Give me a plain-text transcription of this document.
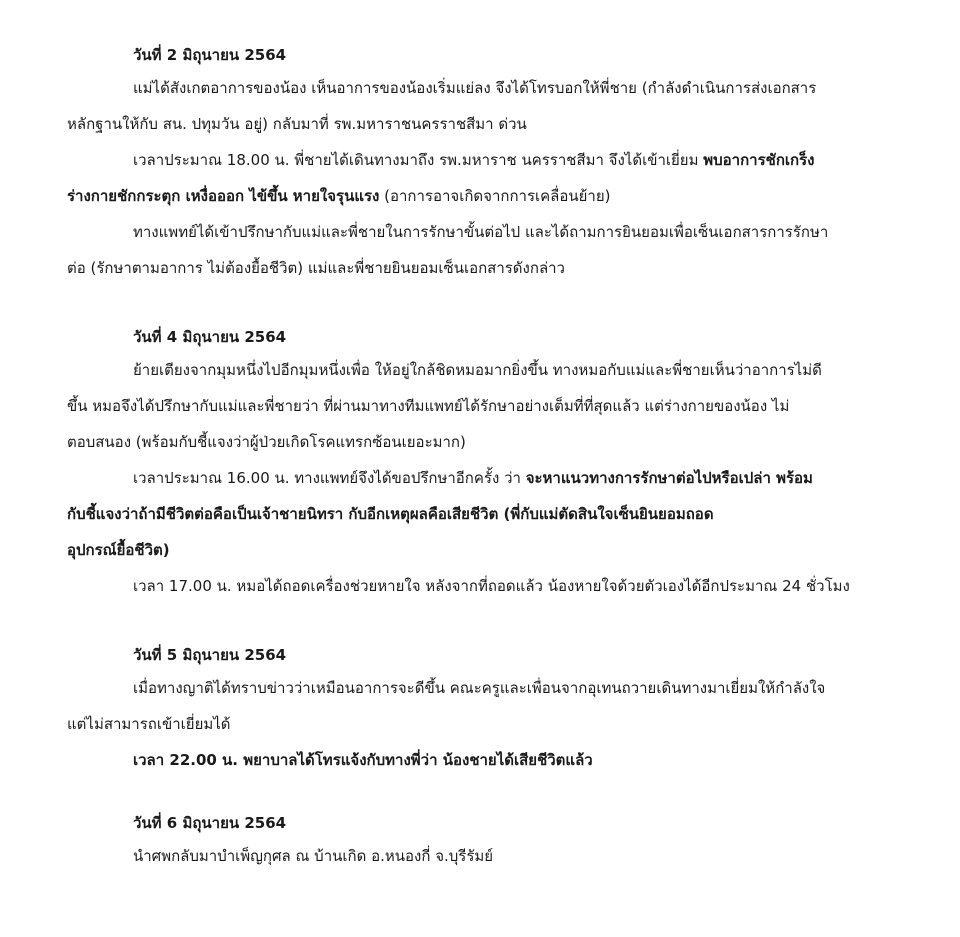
วันที่ 2 มิถุนายน 2564
แม่ได้สังเกตอาการของน้อง เห็นอาการของน้องเริ่มแย่ลง จึงได้โทรบอกให้พี่ชาย (กำลังดำเนินการส่งเอกสาร
หลักฐานให้กับ สน. ปทุมวัน อยู่) กลับมาที่ รพ.มหาราชนครราชสีมา ด่วน
เวลาประมาณ 18.00 น. พี่ชายได้เดินทางมาถึง รพ.มหาราช นครราชสีมา จึงได้เข้าเยี่ยม พบอาการชักเกร็ง
ร่างกายชักกระตุก เหงื่อออก ไข้ขึ้น หายใจรุนแรง (อาการอาจเกิดจากการเคลื่อนย้าย)
ทางแพทย์ได้เข้าปรึกษากับแม่และพี่ชายในการรักษาขั้นต่อไป และได้ถามการยินยอมเพื่อเซ็นเอกสารการรักษา
ต่อ (รักษาตามอาการ ไม่ต้องยื้อชีวิต) แม่และพี่ชายยินยอมเซ็นเอกสารดังกล่าว
วันที่ 4 มิถุนายน 2564
ย้ายเตียงจากมุมหนึ่งไปอีกมุมหนึ่งเพื่อ ให้อยู่ใกล้ชิดหมอมากยิ่งขึ้น ทางหมอกับแม่และพี่ชายเห็นว่าอาการไม่ดี
ขึ้น หมอจึงได้ปรึกษากับแม่และพี่ชายว่า ที่ผ่านมาทางทีมแพทย์ได้รักษาอย่างเต็มที่ที่สุดแล้ว แต่ร่างกายของน้อง ไม่
ตอบสนอง (พร้อมกับชี้แจงว่าผู้ป่วยเกิดโรคแทรกซ้อนเยอะมาก)
เวลาประมาณ 16.00 น. ทางแพทย์จึงได้ขอปรึกษาอีกครั้ง ว่า จะหาแนวทางการรักษาต่อไปหรือเปล่า พร้อม
กับชี้แจงว่าถ้ามีชีวิตต่อคือเป็นเจ้าชายนิทรา กับอีกเหตุผลคือเสียชีวิต (พี่กับแม่ตัดสินใจเซ็นยินยอมถอด
อุปกรณ์ยื้อชีวิต)
เวลา 17.00 น. หมอได้ถอดเครื่องช่วยหายใจ หลังจากที่ถอดแล้ว น้องหายใจด้วยตัวเองได้อีกประมาณ 24 ชั่วโมง
วันที่ 5 มิถุนายน 2564
เมื่อทางญาติได้ทราบข่าวว่าเหมือนอาการจะดีขึ้น คณะครูและเพื่อนจากอุเทนถวายเดินทางมาเยี่ยมให้กำลังใจ
แต่ไม่สามารถเข้าเยี่ยมได้
เวลา 22.00 น. พยาบาลได้โทรแจ้งกับทางพี่ว่า น้องชายได้เสียชีวิตแล้ว
วันที่ 6 มิถุนายน 2564
นำศพกลับมาบำเพ็ญกุศล ณ บ้านเกิด อ.หนองกี่ จ.บุรีรัมย์
